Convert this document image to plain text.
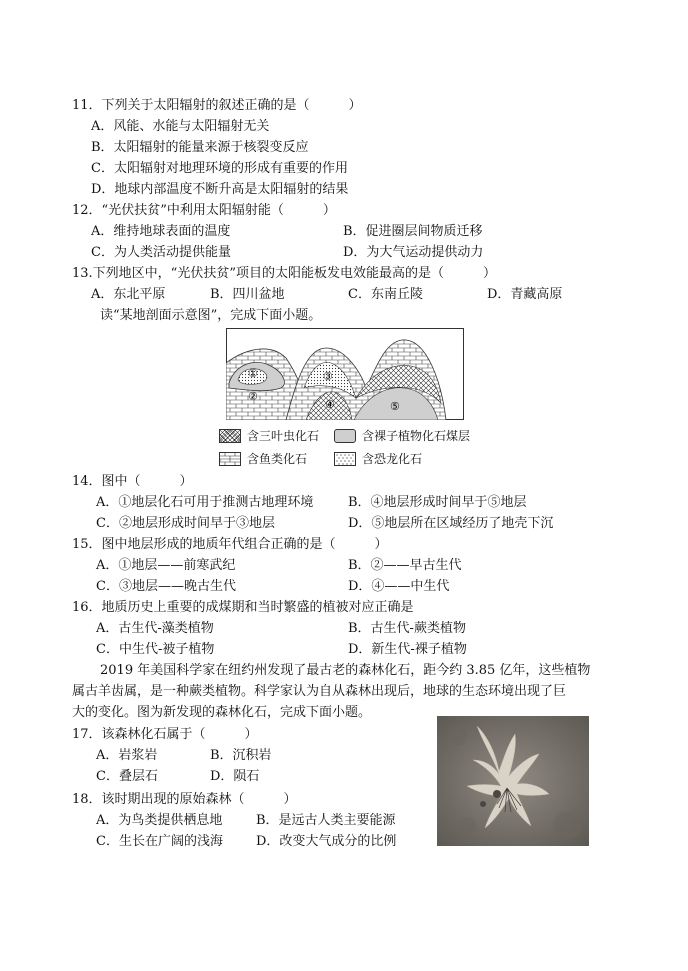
11．下列关于太阳辐射的叙述正确的是（　　　）
A．风能、水能与太阳辐射无关
B．太阳辐射的能量来源于核裂变反应
C．太阳辐射对地理环境的形成有重要的作用
D．地球内部温度不断升高是太阳辐射的结果
12．“光伏扶贫”中利用太阳辐射能（　　　）
A．维持地球表面的温度	B．促进圈层间物质迁移
C．为人类活动提供能量	D．为大气运动提供动力
13.下列地区中，“光伏扶贫”项目的太阳能板发电效能最高的是（　　　）
A．东北平原	B．四川盆地	C．东南丘陵	D．青藏高原
读“某地剖面示意图”，完成下面小题。
①
②
③
④	⑤
含三叶虫化石	含裸子植物化石煤层
含鱼类化石	含恐龙化石
14．图中（　　　）
A．①地层化石可用于推测古地理环境	B．④地层形成时间早于⑤地层
C．②地层形成时间早于③地层	D．⑤地层所在区域经历了地壳下沉
15．图中地层形成的地质年代组合正确的是（　　　）
A．①地层——前寒武纪	B．②——早古生代
C．③地层——晚古生代	D．④——中生代
16．地质历史上重要的成煤期和当时繁盛的植被对应正确是
A．古生代-藻类植物	B．古生代-蕨类植物
C．中生代-被子植物	D．新生代-裸子植物
2019 年美国科学家在纽约州发现了最古老的森林化石，距今约 3.85 亿年，这些植物
属古羊齿属，是一种蕨类植物。科学家认为自从森林出现后，地球的生态环境出现了巨
大的变化。图为新发现的森林化石，完成下面小题。
17．该森林化石属于（　　　）
A．岩浆岩	B．沉积岩
C．叠层石	D．陨石
18．该时期出现的原始森林（　　　）
A．为鸟类提供栖息地	B．是远古人类主要能源
C．生长在广阔的浅海	D．改变大气成分的比例
